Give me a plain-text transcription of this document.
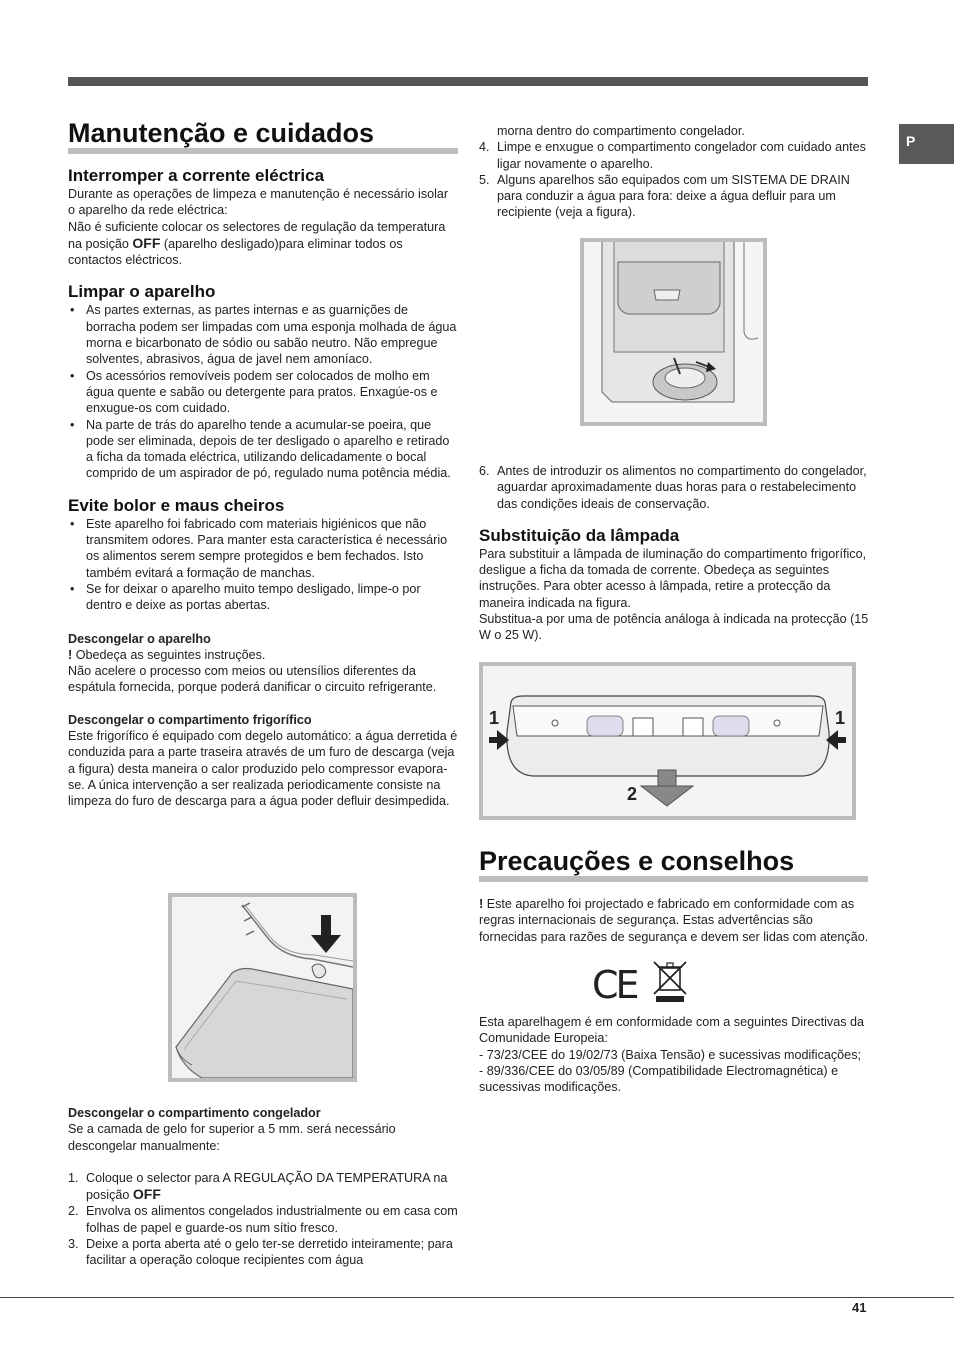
P
Manutenção e cuidados
Interromper a corrente eléctrica

Durante as operações de limpeza e manutenção é necessário isolar o aparelho da rede eléctrica:

Não é suficiente colocar os selectores de regulação da temperatura na posição OFF (aparelho desligado)para eliminar todos os contactos eléctricos.

Limpar o aparelho
• As partes externas, as partes internas e as guarnições de borracha podem ser limpadas com uma esponja molhada de água morna e bicarbonato de sódio ou sabão neutro. Não empregue solventes, abrasivos, água de javel nem amoníaco.
• Os acessórios removíveis podem ser colocados de molho em água quente e sabão ou detergente para pratos. Enxagúe-os e enxugue-os com cuidado.
• Na parte de trás do aparelho tende a acumular-se poeira, que pode ser eliminada, depois de ter desligado o aparelho e retirado a ficha da tomada eléctrica, utilizando delicadamente o bocal comprido de um aspirador de pó, regulado numa potência média.
Evite bolor e maus cheiros
• Este aparelho foi fabricado com materiais higiénicos que não transmitem odores. Para manter esta característica é necessário os alimentos serem sempre protegidos e bem fechados. Isto também evitará a formação de manchas.
• Se for deixar o aparelho muito tempo desligado, limpe-o por dentro e deixe as portas abertas.
Descongelar o aparelho

! Obedeça as seguintes instruções.

Não acelere o processo com meios ou utensílios diferentes da espátula fornecida, porque poderá danificar o circuito refrigerante.

Descongelar o compartimento frigorífico

Este frigorífico é equipado com degelo automático: a água derretida é conduzida para a parte traseira através de um furo de descarga (veja a figura) desta maneira o calor produzido pelo compressor evapora-se. A única intervenção a ser realizada periodicamente consiste na limpeza do furo de descarga para a água poder defluir desimpedida.

Descongelar o compartimento congelador

Se a camada de gelo for superior a 5 mm. será necessário descongelar manualmente:

1. Coloque o selector para A REGULAÇÃO DA TEMPERATURA na posição OFF
2. Envolva os alimentos congelados industrialmente ou em casa com folhas de papel e guarde-os num sítio fresco.
3. Deixe a porta aberta até o gelo ter-se derretido inteiramente; para facilitar a operação coloque recipientes com água

morna dentro do compartimento congelador.

4. Limpe e enxugue o compartimento congelador com cuidado antes ligar novamente o aparelho.
5. Alguns aparelhos são equipados com um SISTEMA DE DRAIN para conduzir a água para fora: deixe a água defluir para um recipiente (veja a figura).
6. Antes de introduzir os alimentos no compartimento do congelador, aguardar aproximadamente duas horas para o restabelecimento das condições ideais de conservação.
Substituição da lâmpada

Para substituir a lâmpada de iluminação do compartimento frigorífico, desligue a ficha da tomada de corrente. Obedeça as seguintes instruções. Para obter acesso à lâmpada, retire a protecção da maneira indicada na figura.

Substitua-a por uma de potência análoga à indicada na protecção (15 W o 25 W).

1	1
2
Precauções e conselhos

! Este aparelho foi projectado e fabricado em conformidade com as regras internacionais de segurança. Estas advertências são fornecidas para razões de segurança e devem ser lidas com atenção.

CE

Esta aparelhagem é em conformidade com a seguintes Directivas da Comunidade Europeia:

- 73/23/CEE do 19/02/73 (Baixa Tensão) e sucessivas modificações;

- 89/336/CEE do 03/05/89 (Compatibilidade Electromagnética) e sucessivas modificações.

41
